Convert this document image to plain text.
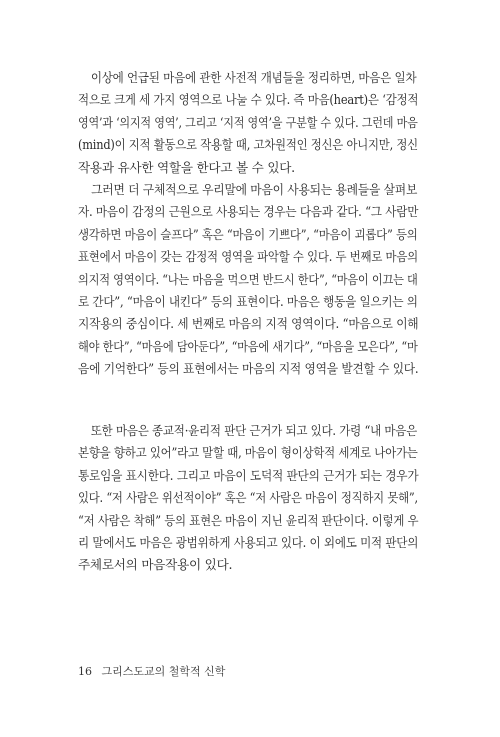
이상에 언급된 마음에 관한 사전적 개념들을 정리하면, 마음은 일차
적으로 크게 세 가지 영역으로 나눌 수 있다. 즉 마음(heart)은 ‘감정적
영역’과 ‘의지적 영역’, 그리고 ‘지적 영역’을 구분할 수 있다. 그런데 마음
(mind)이 지적 활동으로 작용할 때, 고차원적인 정신은 아니지만, 정신
작용과 유사한 역할을 한다고 볼 수 있다.
그러면 더 구체적으로 우리말에 마음이 사용되는 용례들을 살펴보
자. 마음이 감정의 근원으로 사용되는 경우는 다음과 같다. “그 사람만
생각하면 마음이 슬프다” 혹은 “마음이 기쁘다”, “마음이 괴롭다” 등의
표현에서 마음이 갖는 감정적 영역을 파악할 수 있다. 두 번째로 마음의
의지적 영역이다. “나는 마음을 먹으면 반드시 한다”, “마음이 이끄는 대
로 간다”, “마음이 내킨다” 등의 표현이다. 마음은 행동을 일으키는 의
지작용의 중심이다. 세 번째로 마음의 지적 영역이다. “마음으로 이해
해야 한다”, “마음에 담아둔다”, “마음에 새기다”, “마음을 모은다”, “마
음에 기억한다” 등의 표현에서는 마음의 지적 영역을 발견할 수 있다.
또한 마음은 종교적·윤리적 판단 근거가 되고 있다. 가령 “내 마음은
본향을 향하고 있어”라고 말할 때, 마음이 형이상학적 세계로 나아가는
통로임을 표시한다. 그리고 마음이 도덕적 판단의 근거가 되는 경우가
있다. “저 사람은 위선적이야” 혹은 “저 사람은 마음이 정직하지 못해”,
“저 사람은 착해” 등의 표현은 마음이 지닌 윤리적 판단이다. 이렇게 우
리 말에서도 마음은 광범위하게 사용되고 있다. 이 외에도 미적 판단의
주체로서의 마음작용이 있다.
16 그리스도교의 철학적 신학
